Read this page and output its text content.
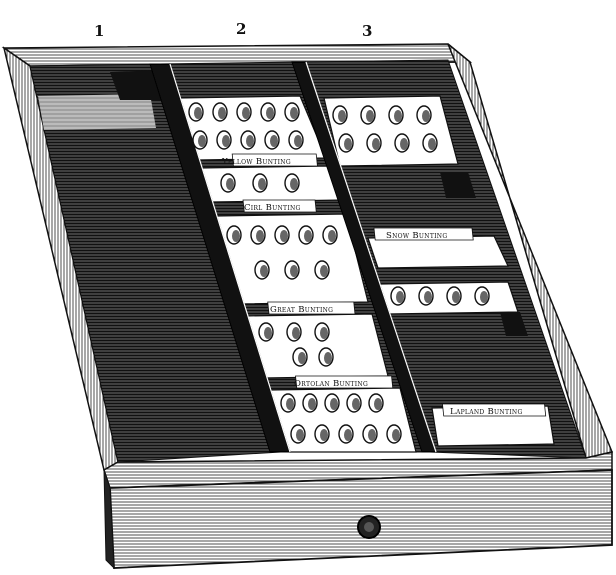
Yellow Bunting
Cirl Bunting
Great Bunting
Ortolan Bunting
Snow Bunting
Lapland Bunting
1	2	3
